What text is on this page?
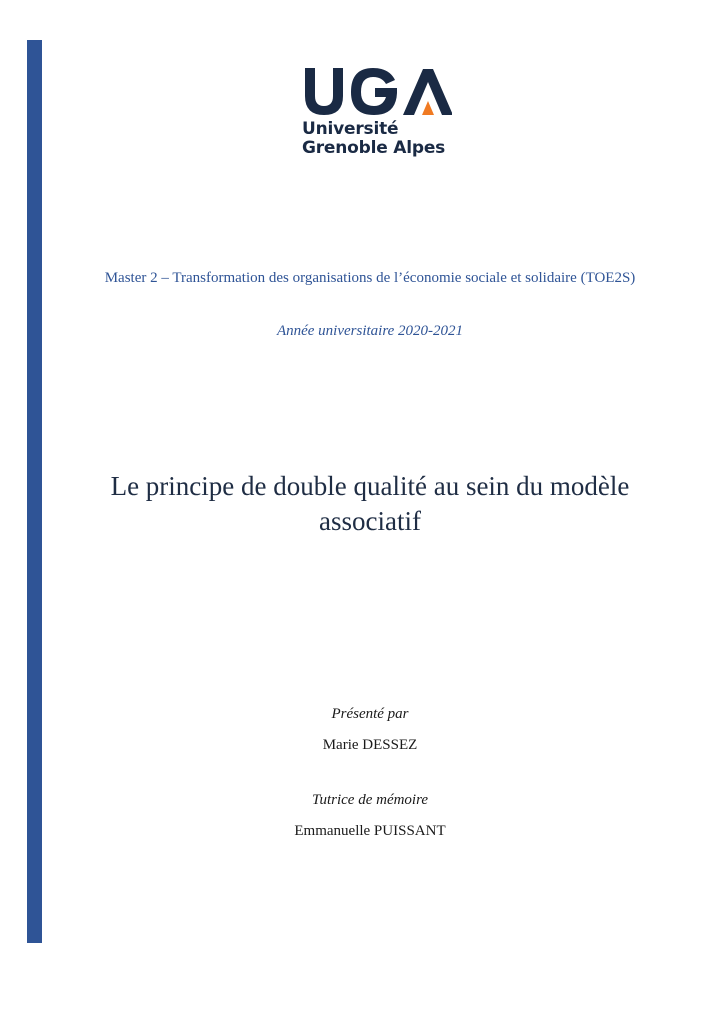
Université
Grenoble Alpes
Master 2 – Transformation des organisations de l’économie sociale et solidaire (TOE2S)
Année universitaire 2020-2021
Le principe de double qualité au sein du modèle associatif
Présenté par
Marie DESSEZ
Tutrice de mémoire
Emmanuelle PUISSANT
